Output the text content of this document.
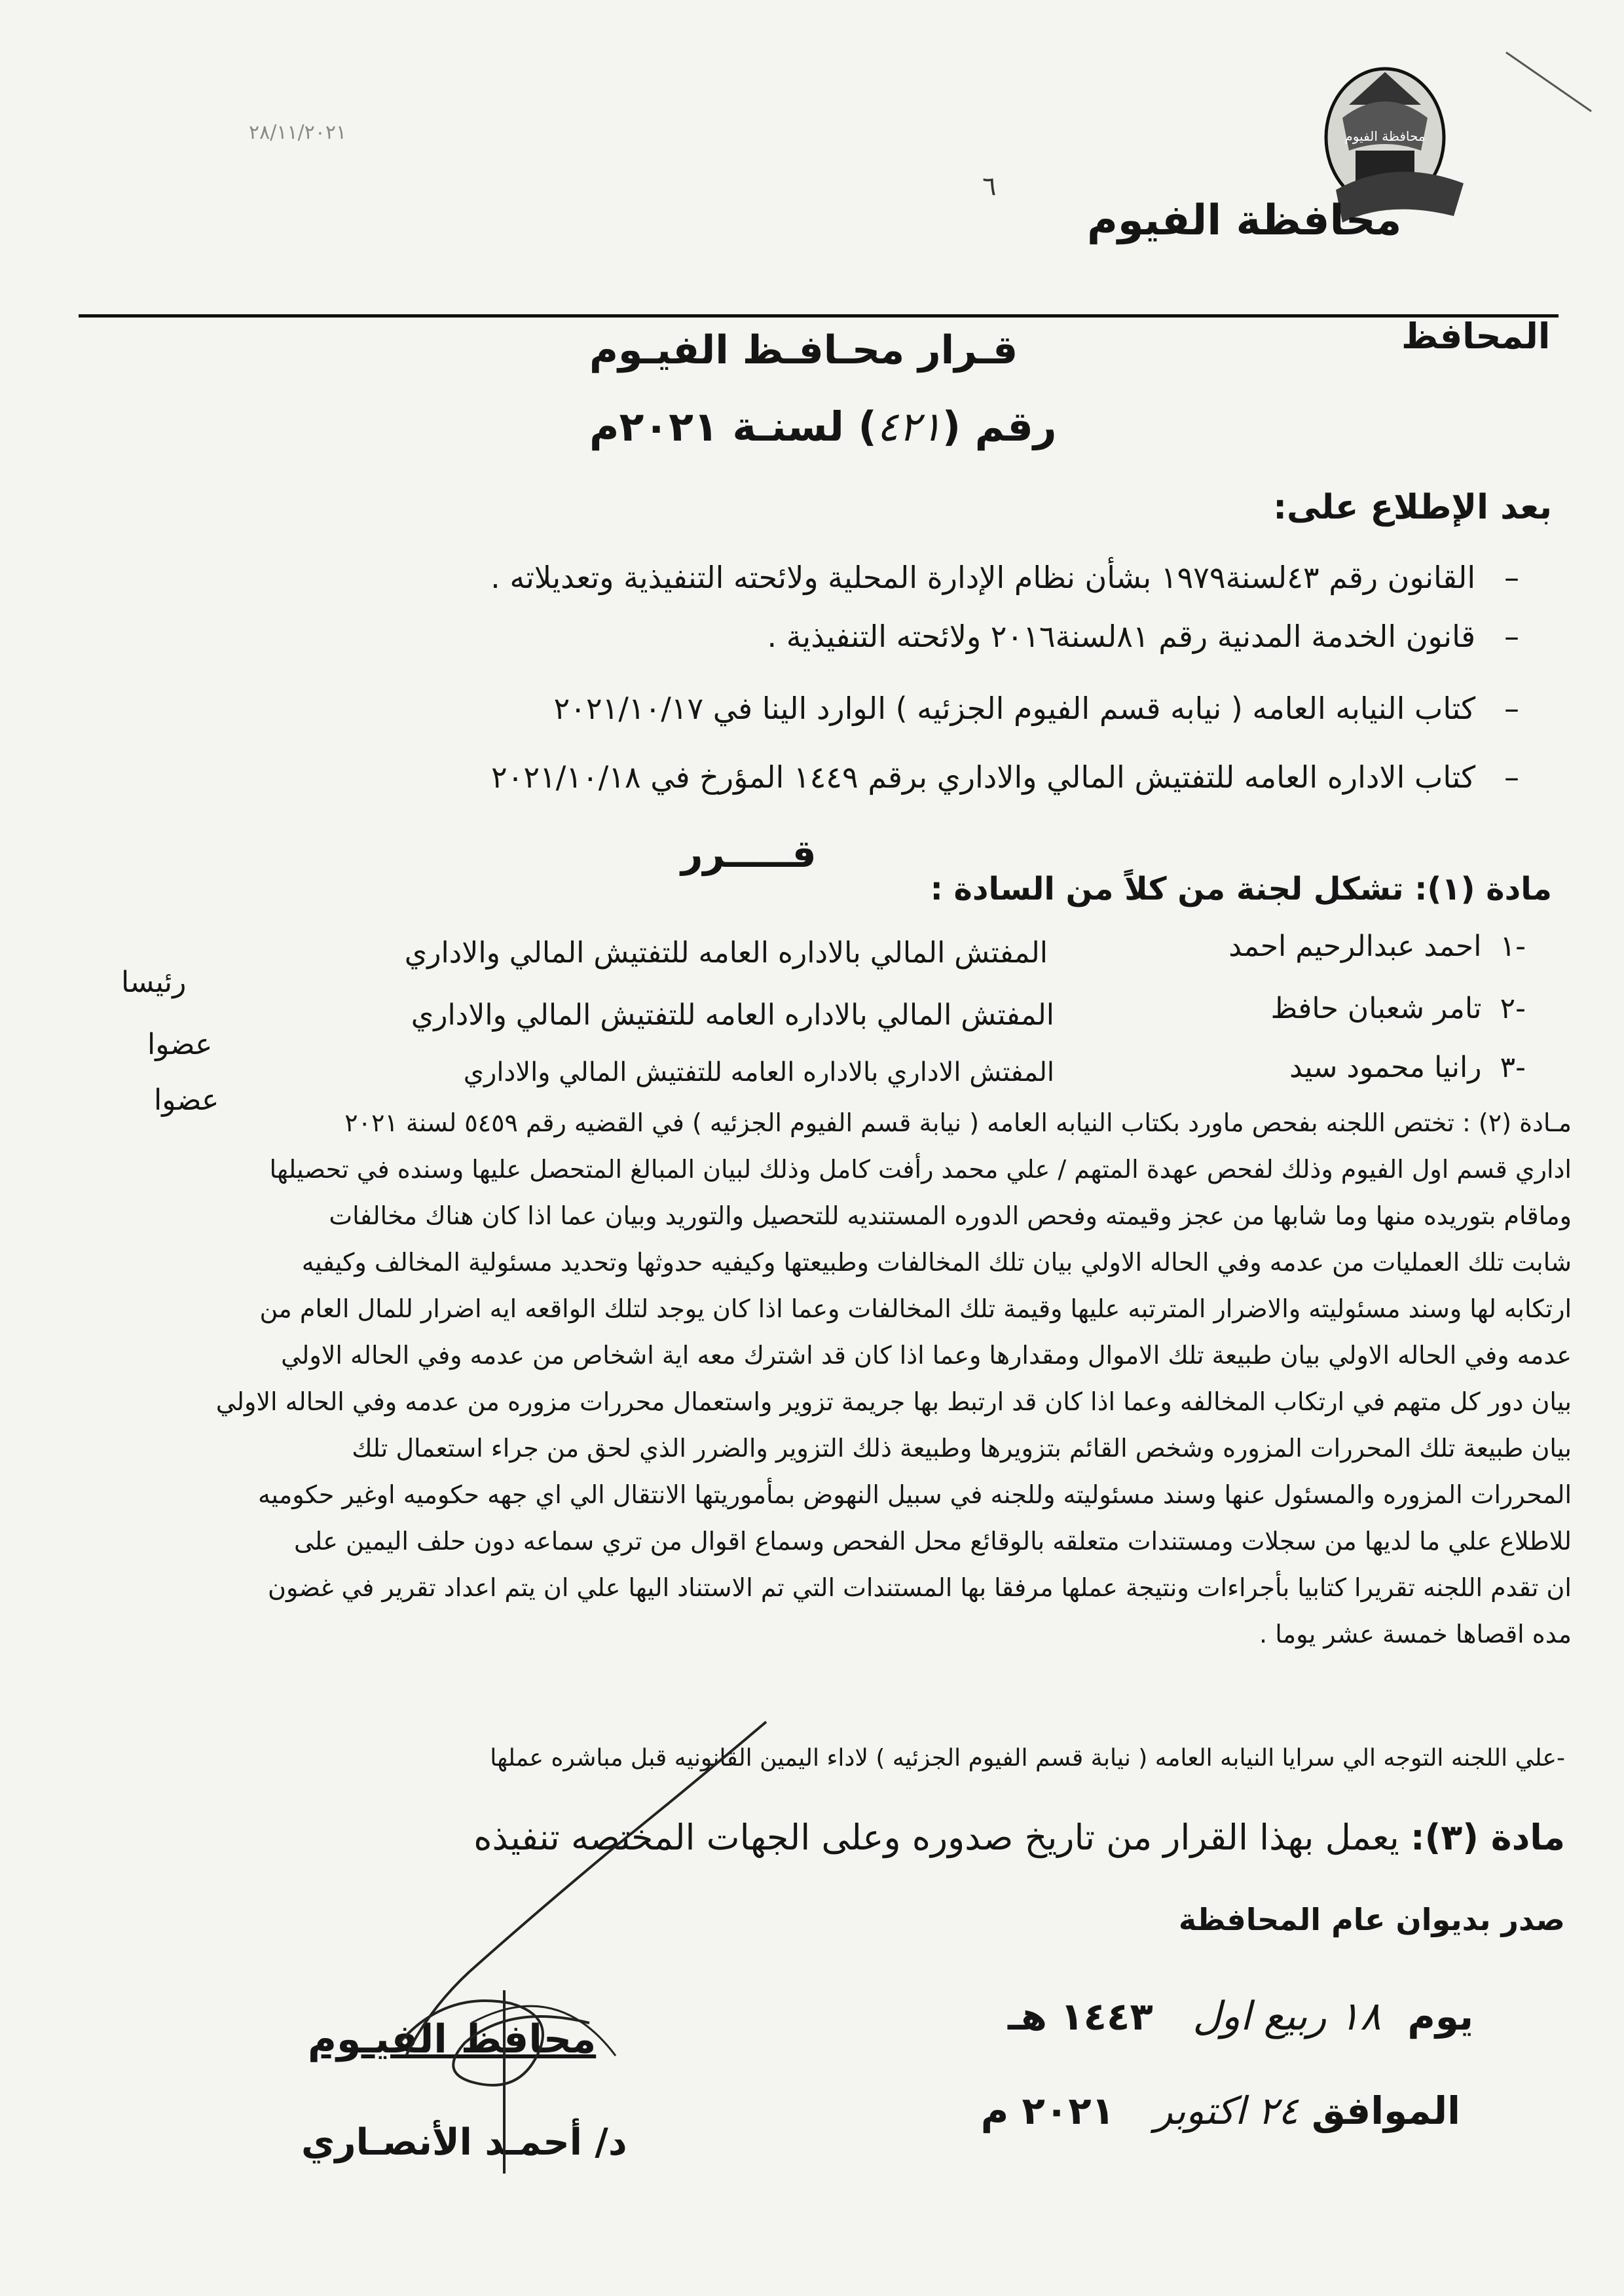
٢٨/١١/٢٠٢١
٦
محافظة الفيوم
محافظة الفيوم
المحافظ
قـرار محـافـظ الفيـوم
رقم (٤٢١) لسنـة ٢٠٢١م
بعد الإطلاع على:
–   القانون رقم ٤٣لسنة١٩٧٩ بشأن نظام الإدارة المحلية ولائحته التنفيذية وتعديلاته .
–   قانون الخدمة المدنية رقم ٨١لسنة٢٠١٦ ولائحته التنفيذية .
–   كتاب النيابه العامه ( نيابه قسم الفيوم الجزئيه ) الوارد الينا في ٢٠٢١/١٠/١٧
–   كتاب الاداره العامه للتفتيش المالي والاداري برقم ١٤٤٩ المؤرخ في ٢٠٢١/١٠/١٨
قـــــرر
مادة (١): تشكل لجنة من كلاً من السادة :
-١  احمد عبدالرحيم احمد
المفتش المالي بالاداره العامه للتفتيش المالي والاداري
رئيسا
-٢  تامر شعبان حافظ
المفتش المالي بالاداره العامه للتفتيش المالي والاداري
عضوا
-٣  رانيا محمود سيد
المفتش الاداري بالاداره العامه للتفتيش المالي والاداري
عضوا

مـادة (٢) : تختص اللجنه بفحص ماورد بكتاب النيابه العامه ( نيابة قسم الفيوم الجزئيه ) في القضيه رقم ٥٤٥٩ لسنة ٢٠٢١

اداري قسم اول الفيوم وذلك لفحص عهدة المتهم / علي محمد رأفت كامل وذلك لبيان المبالغ المتحصل عليها وسنده في تحصيلها

وماقام بتوريده منها وما شابها من عجز وقيمته وفحص الدوره المستنديه للتحصيل والتوريد وبيان عما اذا كان هناك مخالفات

شابت تلك العمليات من عدمه وفي الحاله الاولي بيان تلك المخالفات وطبيعتها وكيفيه حدوثها وتحديد مسئولية المخالف وكيفيه

ارتكابه لها وسند مسئوليته والاضرار المترتبه عليها وقيمة تلك المخالفات وعما اذا كان يوجد لتلك الواقعه ايه اضرار للمال العام من

عدمه وفي الحاله الاولي بيان طبيعة تلك الاموال ومقدارها وعما اذا كان قد اشترك معه اية اشخاص من عدمه وفي الحاله الاولي

بيان دور كل متهم في ارتكاب المخالفه وعما اذا كان قد ارتبط بها جريمة تزوير واستعمال محررات مزوره من عدمه وفي الحاله الاولي

بيان طبيعة تلك المحررات المزوره وشخص القائم بتزويرها وطبيعة ذلك التزوير والضرر الذي لحق من جراء استعمال تلك

المحررات المزوره والمسئول عنها وسند مسئوليته وللجنه في سبيل النهوض بمأموريتها الانتقال الي اي جهه حكوميه اوغير حكوميه

للاطلاع علي ما لديها من سجلات ومستندات متعلقه بالوقائع محل الفحص وسماع اقوال من تري سماعه دون حلف اليمين على

ان تقدم اللجنه تقريرا كتابيا بأجراءات ونتيجة عملها مرفقا بها المستندات التي تم الاستناد اليها علي ان يتم اعداد تقرير في غضون

مده اقصاها خمسة عشر يوما .

-علي اللجنه التوجه الي سرايا النيابه العامه ( نيابة قسم الفيوم الجزئيه ) لاداء اليمين القانونيه قبل مباشره عملها
مادة (٣): يعمل بهذا القرار من تاريخ صدوره وعلى الجهات المختصه تنفيذه
صدر بديوان عام المحافظة
يوم  ١٨ ربيع اول   ١٤٤٣ هـ
الموافق ٢٤ اكتوبر   ٢٠٢١ م
محافظ الفيـوم
د/ أحمـد الأنصـاري
